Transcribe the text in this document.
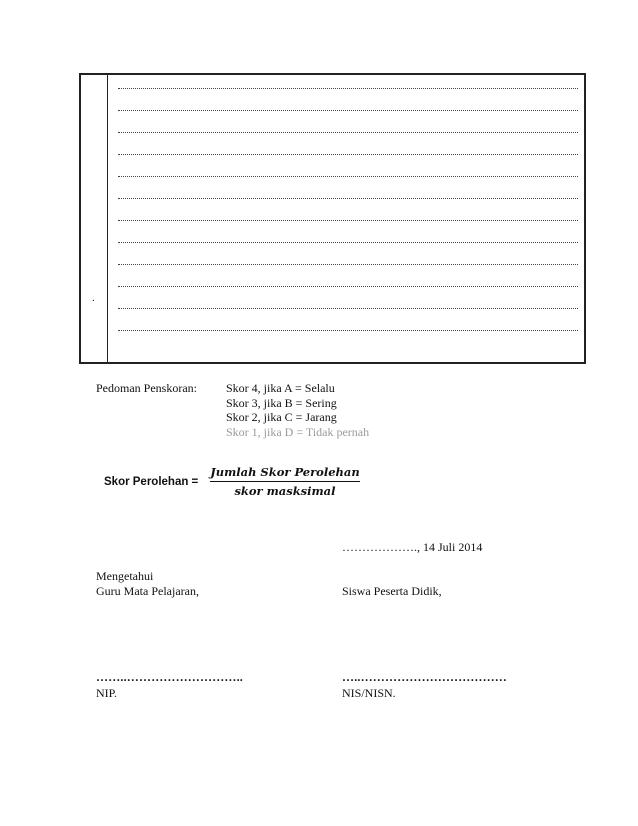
.
Pedoman Penskoran: Skor 4, jika A = Selalu
Skor 3, jika B = Sering
Skor 2, jika C = Jarang
Skor 1, jika D = Tidak pernah
Skor Perolehan = $\frac{\text{Jumlah Skor Perolehan}}{\text{skor masksimal}}$
………………., 14 Juli 2014
Mengetahui
Guru Mata Pelajaran,	Siswa Peserta Didik,
……..………………………..	…..………………………………
NIP.	NIS/NISN.
